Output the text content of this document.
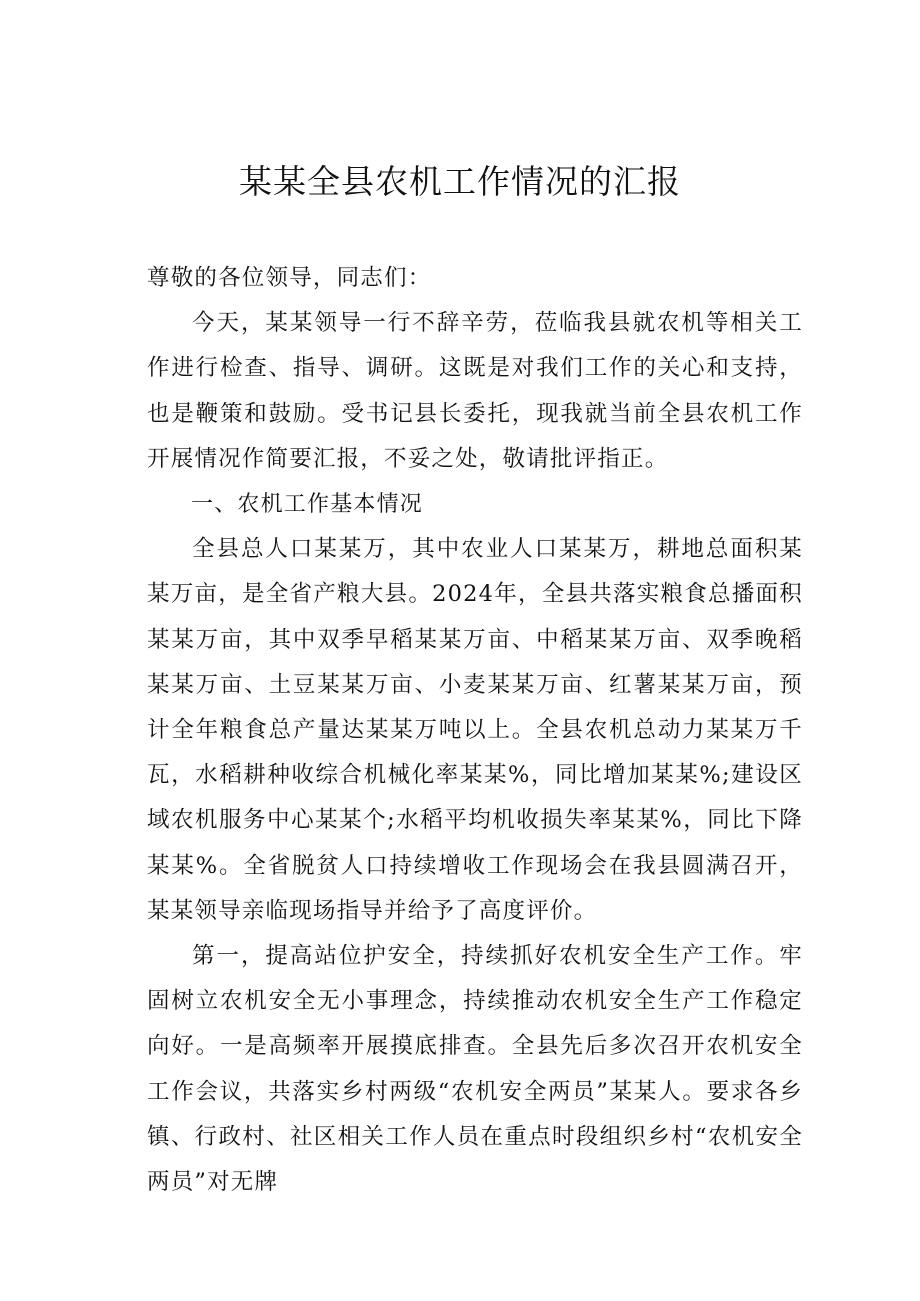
某某全县农机工作情况的汇报

尊敬的各位领导，同志们：

今天，某某领导一行不辞辛劳，莅临我县就农机等相关工作进行检查、指导、调研。这既是对我们工作的关心和支持，也是鞭策和鼓励。受书记县长委托，现我就当前全县农机工作开展情况作简要汇报，不妥之处，敬请批评指正。

一、农机工作基本情况

全县总人口某某万，其中农业人口某某万，耕地总面积某某万亩，是全省产粮大县。2024年，全县共落实粮食总播面积某某万亩，其中双季早稻某某万亩、中稻某某万亩、双季晚稻某某万亩、土豆某某万亩、小麦某某万亩、红薯某某万亩，预计全年粮食总产量达某某万吨以上。全县农机总动力某某万千瓦，水稻耕种收综合机械化率某某%，同比增加某某%;建设区域农机服务中心某某个;水稻平均机收损失率某某%，同比下降某某%。全省脱贫人口持续增收工作现场会在我县圆满召开，某某领导亲临现场指导并给予了高度评价。

第一，提高站位护安全，持续抓好农机安全生产工作。牢固树立农机安全无小事理念，持续推动农机安全生产工作稳定向好。一是高频率开展摸底排查。全县先后多次召开农机安全工作会议，共落实乡村两级“农机安全两员”某某人。要求各乡镇、行政村、社区相关工作人员在重点时段组织乡村“农机安全两员”对无牌
